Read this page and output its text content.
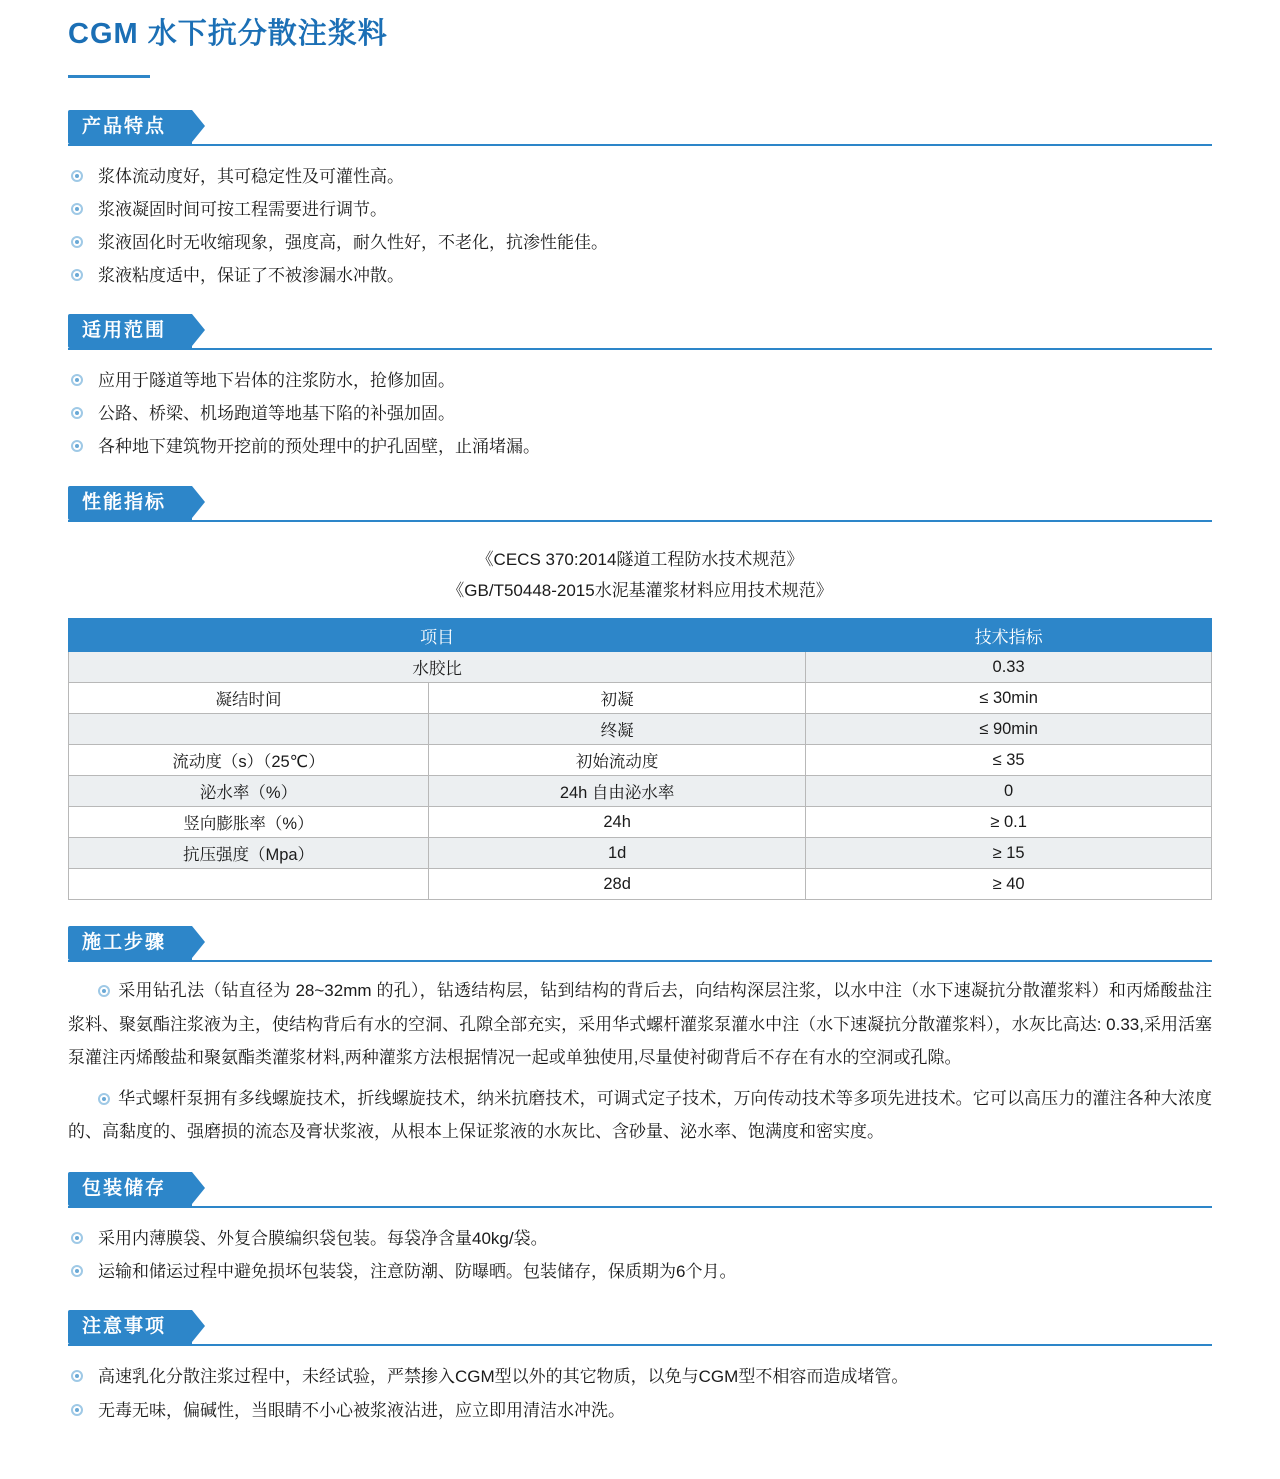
CGM 水下抗分散注浆料
产品特点
浆体流动度好，其可稳定性及可灌性高。
浆液凝固时间可按工程需要进行调节。
浆液固化时无收缩现象，强度高，耐久性好，不老化，抗渗性能佳。
浆液粘度适中，保证了不被渗漏水冲散。
适用范围
应用于隧道等地下岩体的注浆防水，抢修加固。
公路、桥梁、机场跑道等地基下陷的补强加固。
各种地下建筑物开挖前的预处理中的护孔固壁，止涌堵漏。
性能指标
《CECS 370:2014隧道工程防水技术规范》
《GB/T50448-2015水泥基灌浆材料应用技术规范》
项目		技术指标
水胶比		0.33
凝结时间	初凝	≤ 30min
	终凝	≤ 90min
流动度（s）（25℃）	初始流动度	≤ 35
泌水率（%）	24h 自由泌水率	0
竖向膨胀率（%）	24h	≥ 0.1
抗压强度（Mpa）	1d	≥ 15
	28d	≥ 40
施工步骤

采用钻孔法（钻直径为 28~32mm 的孔），钻透结构层，钻到结构的背后去，向结构深层注浆，以水中注（水下速凝抗分散灌浆料）和丙烯酸盐注浆料、聚氨酯注浆液为主，使结构背后有水的空洞、孔隙全部充实，采用华式螺杆灌浆泵灌水中注（水下速凝抗分散灌浆料），水灰比高达: 0.33,采用活塞泵灌注丙烯酸盐和聚氨酯类灌浆材料,两种灌浆方法根据情况一起或单独使用,尽量使衬砌背后不存在有水的空洞或孔隙。

华式螺杆泵拥有多线螺旋技术，折线螺旋技术，纳米抗磨技术，可调式定子技术，万向传动技术等多项先进技术。它可以高压力的灌注各种大浓度的、高黏度的、强磨损的流态及膏状浆液，从根本上保证浆液的水灰比、含砂量、泌水率、饱满度和密实度。

包装储存
采用内薄膜袋、外复合膜编织袋包装。每袋净含量40kg/袋。
运输和储运过程中避免损坏包装袋，注意防潮、防曝晒。包装储存，保质期为6个月。
注意事项
高速乳化分散注浆过程中，未经试验，严禁掺入CGM型以外的其它物质，以免与CGM型不相容而造成堵管。
无毒无味，偏碱性，当眼睛不小心被浆液沾进，应立即用清洁水冲洗。
